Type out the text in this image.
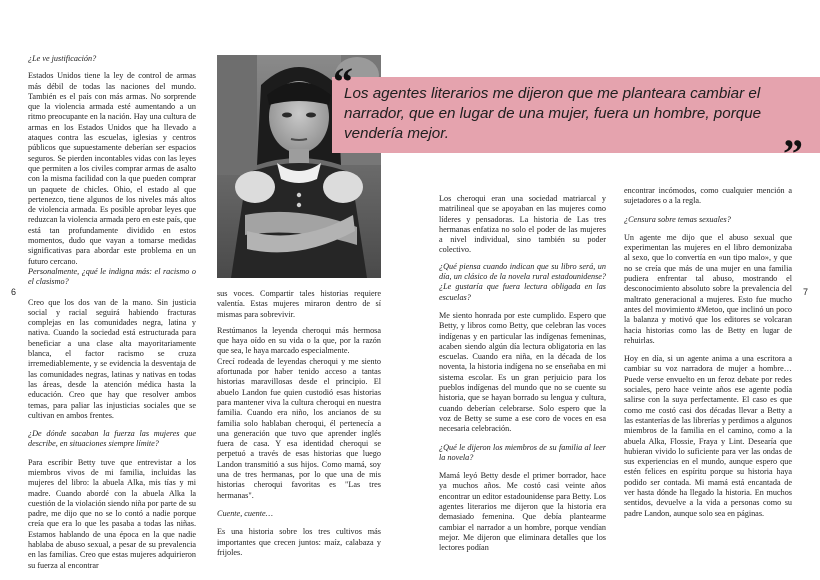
6	7

¿Le ve justificación?

Estados Unidos tiene la ley de control de armas más débil de todas las naciones del mundo. También es el país con más armas. No sorprende que la violencia armada esté aumentando a un ritmo preocupante en la nación. Hay una cultura de armas en los Estados Unidos que ha llevado a ataques contra las escuelas, iglesias y centros públicos que supuestamente deberían ser espacios seguros. Se pierden incontables vidas con las leyes que permiten a los civiles comprar armas de asalto con la misma facilidad con la que pueden comprar un paquete de chicles. Ohio, el estado al que pertenezco, tiene algunos de los niveles más altos de violencia armada. Es posible aprobar leyes que reduzcan la violencia armada pero en este país, que está tan profundamente dividido en estos momentos, dudo que vayan a tomarse medidas significativas para abordar este problema en un futuro cercano.

Personalmente, ¿qué le indigna más: el racismo o el clasismo?

Creo que los dos van de la mano. Sin justicia social y racial seguirá habiendo fracturas complejas en las comunidades negra, latina y nativa. Cuando la sociedad está estructurada para beneficiar a una clase alta mayoritariamente blanca, el factor racismo se cruza irremediablemente, y se evidencia la desventaja de las comunidades negras, latinas y nativas en todas las áreas, desde la atención médica hasta la educación. Creo que hay que resolver ambos temas, para paliar las injusticias sociales que se cultivan en ambos frentes.

¿De dónde sacaban la fuerza las mujeres que describe, en situaciones siempre límite?

Para escribir Betty tuve que entrevistar a los miembros vivos de mi familia, incluidas las mujeres del libro: la abuela Alka, mis tías y mi madre. Cuando abordé con la abuela Alka la cuestión de la violación siendo niña por parte de su padre, me dijo que no se lo contó a nadie porque creía que era lo que les pasaba a todas las niñas. Estamos hablando de una época en la que nadie hablaba de abuso sexual, a pesar de su prevalencia en las familias. Creo que estas mujeres adquirieron su fuerza al encontrar

“
Los agentes literarios me dijeron que me planteara cambiar el narrador, que en lugar de una mujer, fuera un hombre, porque vendería mejor.	”

sus voces. Compartir tales historias requiere valentía. Estas mujeres miraron dentro de sí mismas para sobrevivir.

Restúmanos la leyenda cheroqui más hermosa que haya oído en su vida o la que, por la razón que sea, le haya marcado especialmente.

Crecí rodeada de leyendas cheroqui y me siento afortunada por haber tenido acceso a tantas historias maravillosas desde el principio. El abuelo Landon fue quien custodió esas historias para mantener viva la cultura cheroqui en nuestra familia. Cuando era niño, los ancianos de su familia solo hablaban cheroqui, él pertenecía a una generación que tuvo que aprender inglés fuera de casa. Y esa identidad cheroqui se perpetuó a través de esas historias que luego Landon transmitió a sus hijos. Como mamá, soy una de tres hermanas, por lo que una de mis historias cheroqui favoritas es "Las tres hermanas".

Cuente, cuente…

Es una historia sobre los tres cultivos más importantes que crecen juntos: maíz, calabaza y frijoles.

Los cheroqui eran una sociedad matriarcal y matrilineal que se apoyaban en las mujeres como líderes y pensadoras. La historia de Las tres hermanas enfatiza no solo el poder de las mujeres a nivel individual, sino también su poder colectivo.

¿Qué piensa cuando indican que su libro será, un día, un clásico de la novela rural estadounidense? ¿Le gustaría que fuera lectura obligada en las escuelas?

Me siento honrada por este cumplido. Espero que Betty, y libros como Betty, que celebran las voces indígenas y en particular las indígenas femeninas, acaben siendo algún día lectura obligatoria en las escuelas. Cuando era niña, en la década de los noventa, la historia indígena no se enseñaba en mi sistema escolar. Es un gran perjuicio para los pueblos indígenas del mundo que no se cuente su historia, que se hayan borrado su lengua y cultura, cuando deberían celebrarse. Solo espero que la voz de Betty se sume a ese coro de voces en esa necesaria celebración.

¿Qué le dijeron los miembros de su familia al leer la novela?

Mamá leyó Betty desde el primer borrador, hace ya muchos años. Me costó casi veinte años encontrar un editor estadounidense para Betty. Los agentes literarios me dijeron que la historia era demasiado femenina. Que debía plantearme cambiar el narrador a un hombre, porque vendían mejor. Me dijeron que eliminara detalles que los lectores podían

encontrar incómodos, como cualquier mención a sujetadores o a la regla.

¿Censura sobre temas sexuales?

Un agente me dijo que el abuso sexual que experimentan las mujeres en el libro demonizaba al sexo, que lo convertía en «un tipo malo», y que no se creía que más de una mujer en una familia pudiera enfrentar tal abuso, mostrando el desconocimiento absoluto sobre la prevalencia del maltrato generacional a mujeres. Esto fue mucho antes del movimiento #Metoo, que inclinó un poco la balanza y motivó que los editores se volcaran hacia historias como las de Betty en lugar de rehuirlas.

Hoy en día, si un agente anima a una escritora a cambiar su voz narradora de mujer a hombre… Puede verse envuelto en un feroz debate por redes sociales, pero hace veinte años ese agente podía salirse con la suya perfectamente. El caso es que como me costó casi dos décadas llevar a Betty a las estanterías de las librerías y perdimos a algunos miembros de la familia en el camino, como a la abuela Alka, Flossie, Fraya y Lint. Desearía que hubieran vivido lo suficiente para ver las ondas de sus experiencias en el mundo, aunque espero que estén felices en espíritu porque su historia haya podido ser contada. Mi mamá está encantada de ver hasta dónde ha llegado la historia. En muchos sentidos, devuelve a la vida a personas como su padre Landon, aunque solo sea en páginas.
